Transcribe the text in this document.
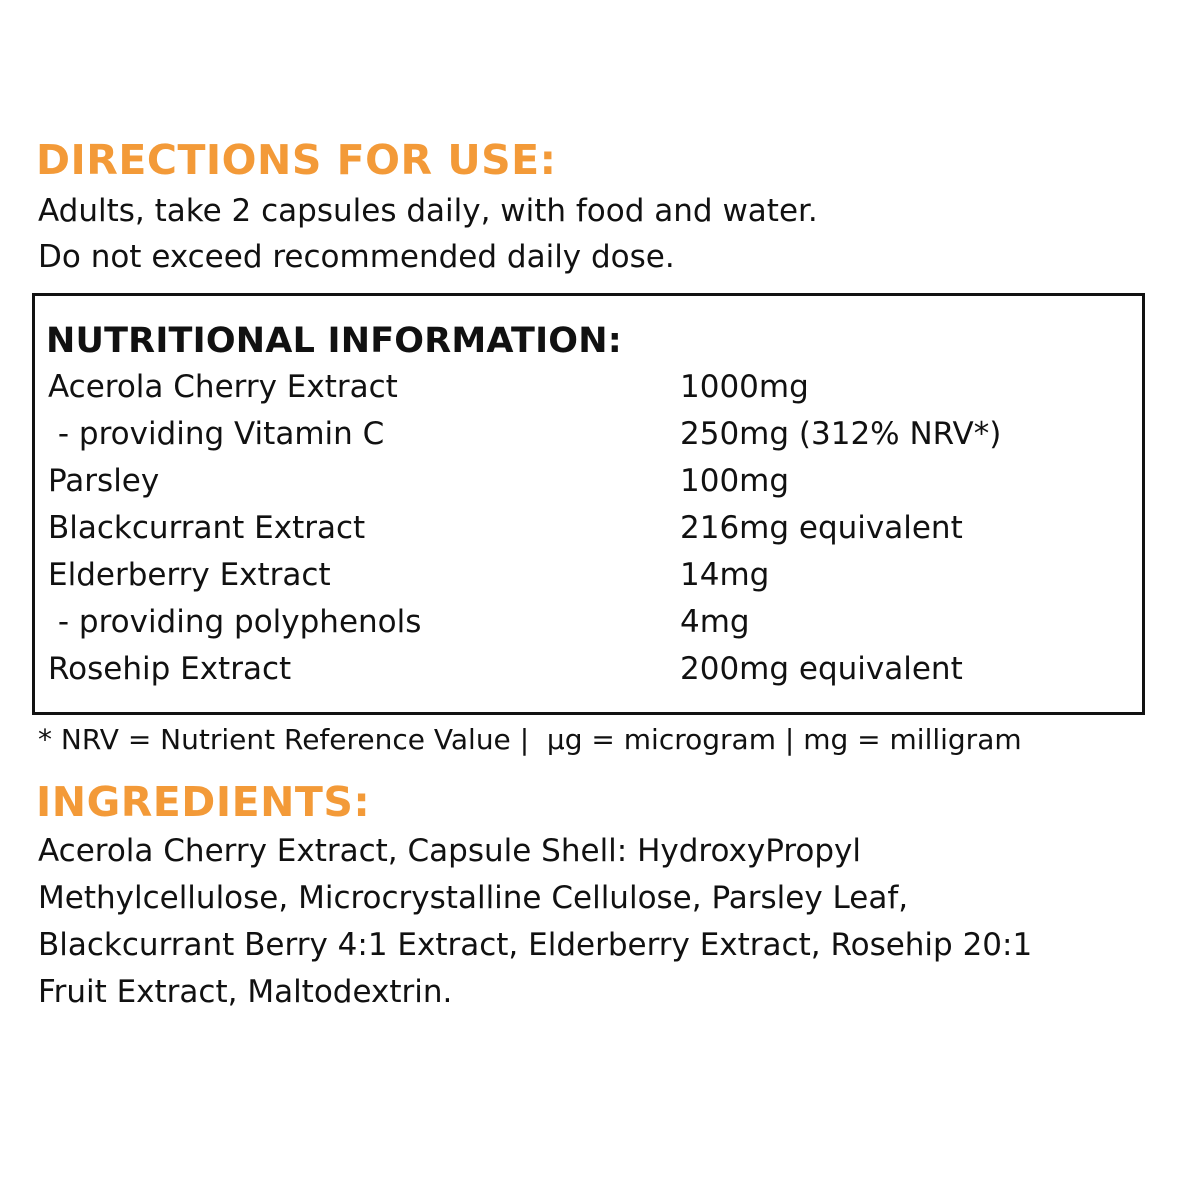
DIRECTIONS FOR USE:
Adults, take 2 capsules daily, with food and water.
Do not exceed recommended daily dose.
NUTRITIONAL INFORMATION:
Acerola Cherry Extract	1000mg
- providing Vitamin C	250mg (312% NRV*)
Parsley	100mg
Blackcurrant Extract	216mg equivalent
Elderberry Extract	14mg
- providing polyphenols	4mg
Rosehip Extract	200mg equivalent
* NRV = Nutrient Reference Value |  µg = microgram | mg = milligram
INGREDIENTS:
Acerola Cherry Extract, Capsule Shell: HydroxyPropyl
Methylcellulose, Microcrystalline Cellulose, Parsley Leaf,
Blackcurrant Berry 4:1 Extract, Elderberry Extract, Rosehip 20:1
Fruit Extract, Maltodextrin.
